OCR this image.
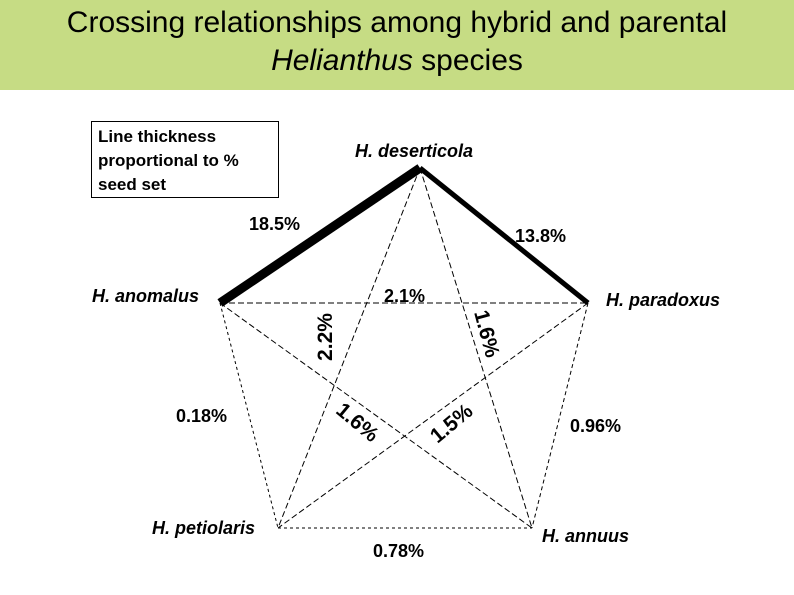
Crossing relationships among hybrid and parental
Helianthus species
Line thickness
proportional to %
seed set
H. deserticola
H. anomalus	H. paradoxus
H. petiolaris	H. annuus
18.5%
13.8%
2.1%
2.2%	1.6%
0.18%	1.6% 1.5%	0.96%
0.78%
